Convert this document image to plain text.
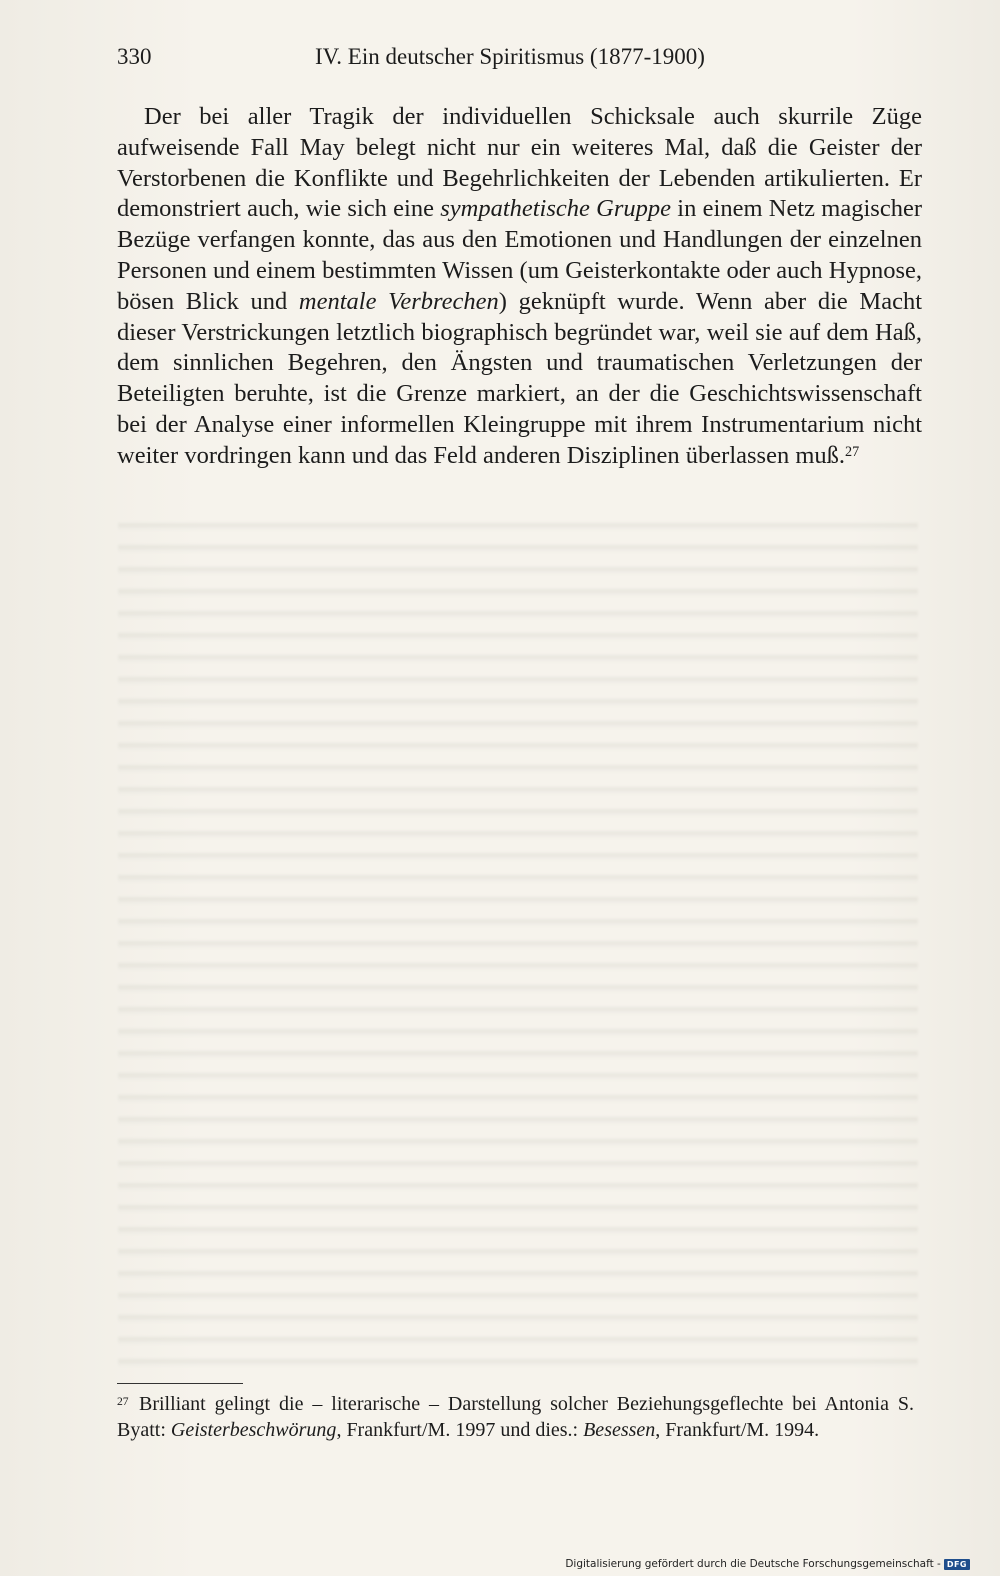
330	IV. Ein deutscher Spiritismus (1877-1900)

Der bei aller Tragik der individuellen Schicksale auch skurrile Züge aufweisende Fall May belegt nicht nur ein weiteres Mal, daß die Geister der Verstorbenen die Konflikte und Begehrlichkeiten der Lebenden artikulierten. Er demonstriert auch, wie sich eine sympathetische Gruppe in einem Netz magischer Bezüge verfangen konnte, das aus den Emotionen und Handlungen der einzelnen Personen und einem bestimmten Wissen (um Geisterkontakte oder auch Hypnose, bösen Blick und mentale Verbrechen) geknüpft wurde. Wenn aber die Macht dieser Verstrickungen letztlich biographisch begründet war, weil sie auf dem Haß, dem sinnlichen Begehren, den Ängsten und traumatischen Verletzungen der Beteiligten beruhte, ist die Grenze markiert, an der die Geschichtswissenschaft bei der Analyse einer informellen Kleingruppe mit ihrem Instrumentarium nicht weiter vordringen kann und das Feld anderen Disziplinen überlassen muß.$^{27}$

$^{27}$ Brilliant gelingt die – literarische – Darstellung solcher Beziehungsgeflechte bei Antonia S. Byatt: Geisterbeschwörung, Frankfurt/M. 1997 und dies.: Besessen, Frankfurt/M. 1994.
Digitalisierung gefördert durch die Deutsche Forschungsgemeinschaft - DFG
